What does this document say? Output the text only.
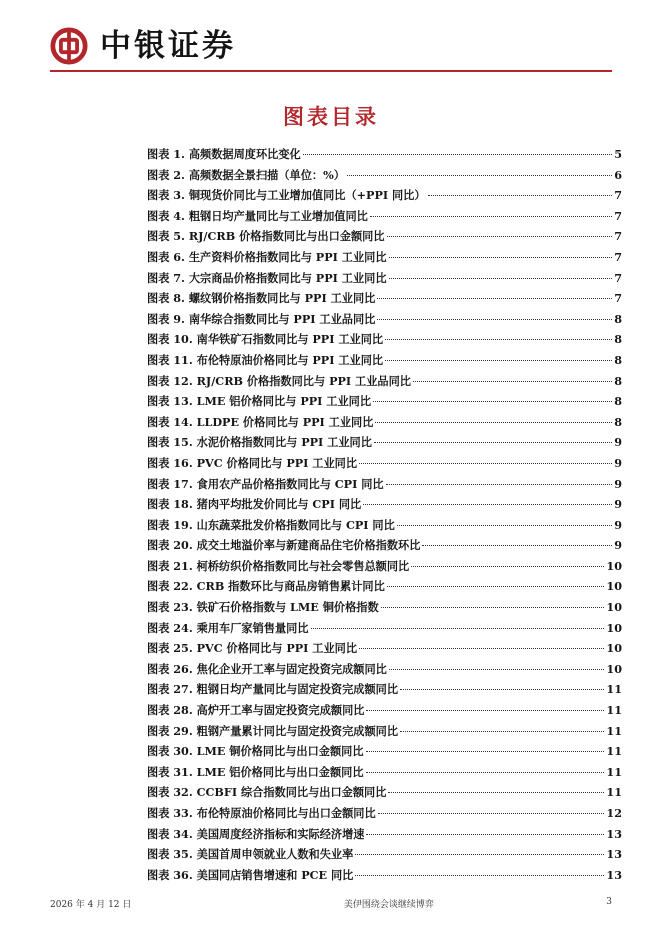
中银证券
图表目录
图表 1. 高频数据周度环比变化	5
图表 2. 高频数据全景扫描（单位：%）	6
图表 3. 铜现货价同比与工业增加值同比（+PPI 同比）	7
图表 4. 粗钢日均产量同比与工业增加值同比	7
图表 5. RJ/CRB 价格指数同比与出口金额同比	7
图表 6. 生产资料价格指数同比与 PPI 工业同比	7
图表 7. 大宗商品价格指数同比与 PPI 工业同比	7
图表 8. 螺纹钢价格指数同比与 PPI 工业同比	7
图表 9. 南华综合指数同比与 PPI 工业品同比	8
图表 10. 南华铁矿石指数同比与 PPI 工业同比	8
图表 11. 布伦特原油价格同比与 PPI 工业同比	8
图表 12. RJ/CRB 价格指数同比与 PPI 工业品同比	8
图表 13. LME 铝价格同比与 PPI 工业同比	8
图表 14. LLDPE 价格同比与 PPI 工业同比	8
图表 15. 水泥价格指数同比与 PPI 工业同比	9
图表 16. PVC 价格同比与 PPI 工业同比	9
图表 17. 食用农产品价格指数同比与 CPI 同比	9
图表 18. 猪肉平均批发价同比与 CPI 同比	9
图表 19. 山东蔬菜批发价格指数同比与 CPI 同比	9
图表 20. 成交土地溢价率与新建商品住宅价格指数环比	9
图表 21. 柯桥纺织价格指数同比与社会零售总额同比	10
图表 22. CRB 指数环比与商品房销售累计同比	10
图表 23. 铁矿石价格指数与 LME 铜价格指数	10
图表 24. 乘用车厂家销售量同比	10
图表 25. PVC 价格同比与 PPI 工业同比	10
图表 26. 焦化企业开工率与固定投资完成额同比	10
图表 27. 粗钢日均产量同比与固定投资完成额同比	11
图表 28. 高炉开工率与固定投资完成额同比	11
图表 29. 粗钢产量累计同比与固定投资完成额同比	11
图表 30. LME 铜价格同比与出口金额同比	11
图表 31. LME 铝价格同比与出口金额同比	11
图表 32. CCBFI 综合指数同比与出口金额同比	11
图表 33. 布伦特原油价格同比与出口金额同比	12
图表 34. 美国周度经济指标和实际经济增速	13
图表 35. 美国首周申领就业人数和失业率	13
图表 36. 美国同店销售增速和 PCE 同比	13
2026 年 4 月 12 日	美伊围绕会谈继续博弈	3
